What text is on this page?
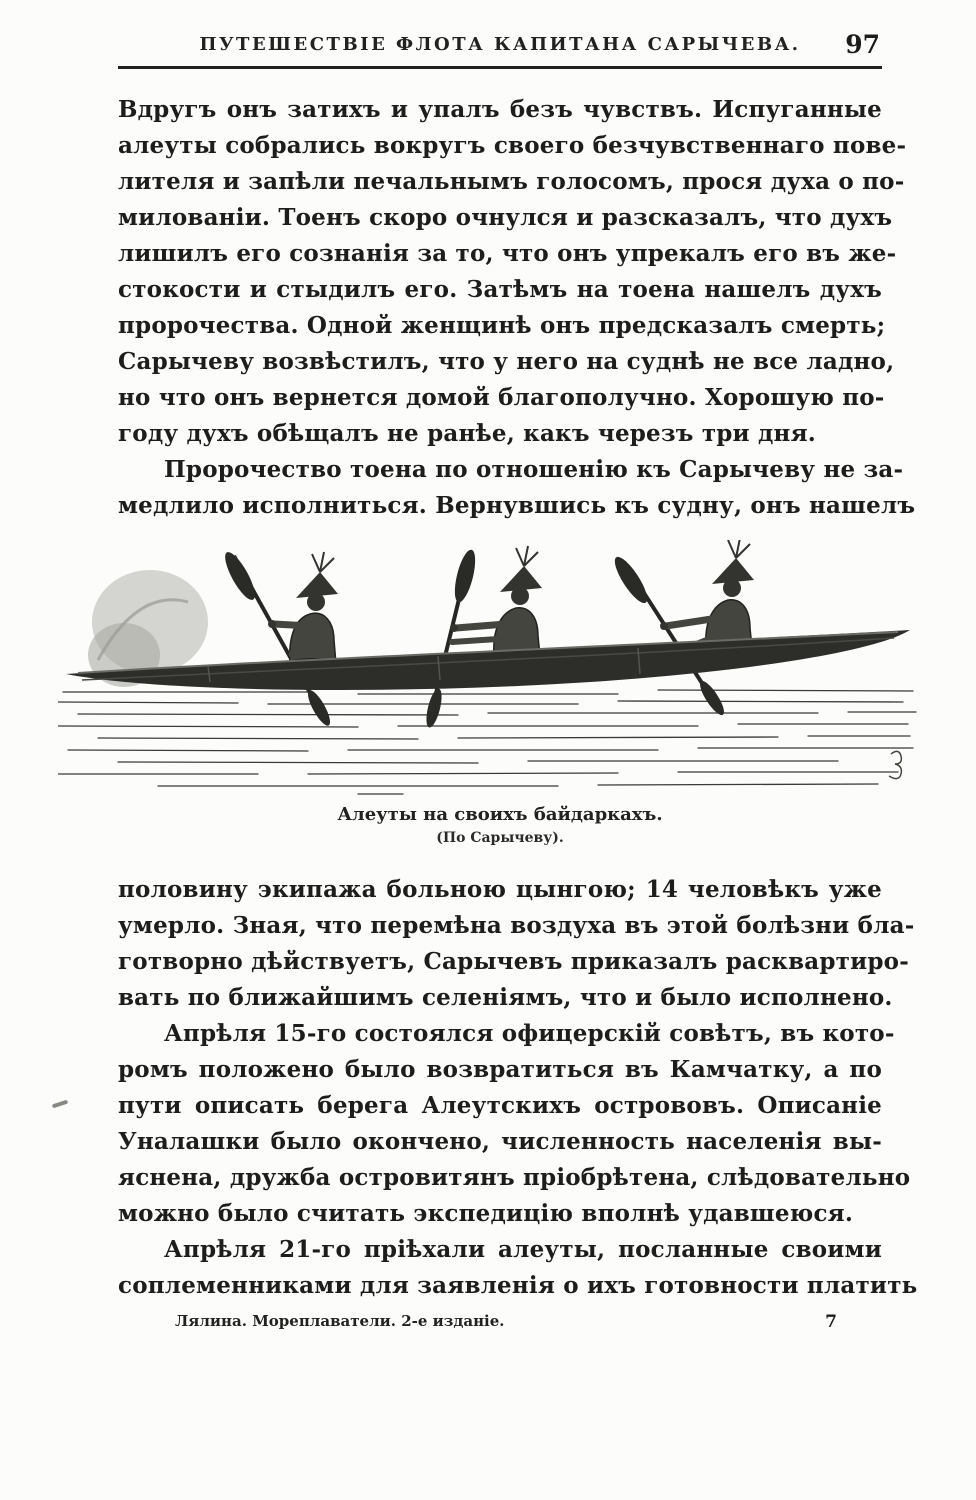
ПУТЕШЕСТВІЕ ФЛОТА КАПИТАНА САРЫЧЕВА.	97
Вдругъ онъ затихъ и упалъ безъ чувствъ. Испуганные
алеуты собрались вокругъ своего безчувственнаго пове-
лителя и запѣли печальнымъ голосомъ, прося духа о по-
милованіи. Тоенъ скоро очнулся и разсказалъ, что духъ
лишилъ его сознанія за то, что онъ упрекалъ его въ же-
стокости и стыдилъ его. Затѣмъ на тоена нашелъ духъ
пророчества. Одной женщинѣ онъ предсказалъ смерть;
Сарычеву возвѣстилъ, что у него на суднѣ не все ладно,
но что онъ вернется домой благополучно. Хорошую по-
году духъ обѣщалъ не ранѣе, какъ черезъ три дня.
Пророчество тоена по отношенію къ Сарычеву не за-
медлило исполниться. Вернувшись къ судну, онъ нашелъ
Алеуты на своихъ байдаркахъ.
(По Сарычеву).
половину экипажа больною цынгою; 14 человѣкъ уже
умерло. Зная, что перемѣна воздуха въ этой болѣзни бла-
готворно дѣйствуетъ, Сарычевъ приказалъ расквартиро-
вать по ближайшимъ селеніямъ, что и было исполнено.
Апрѣля 15-го состоялся офицерскій совѣтъ, въ кото-
ромъ положено было возвратиться въ Камчатку, а по
пути описать берега Алеутскихъ острововъ. Описаніе
Уналашки было окончено, численность населенія вы-
яснена, дружба островитянъ пріобрѣтена, слѣдовательно
можно было считать экспедицію вполнѣ удавшеюся.
Апрѣля 21-го пріѣхали алеуты, посланные своими
соплеменниками для заявленія о ихъ готовности платить
Лялина. Мореплаватели. 2-е изданіе.	7
